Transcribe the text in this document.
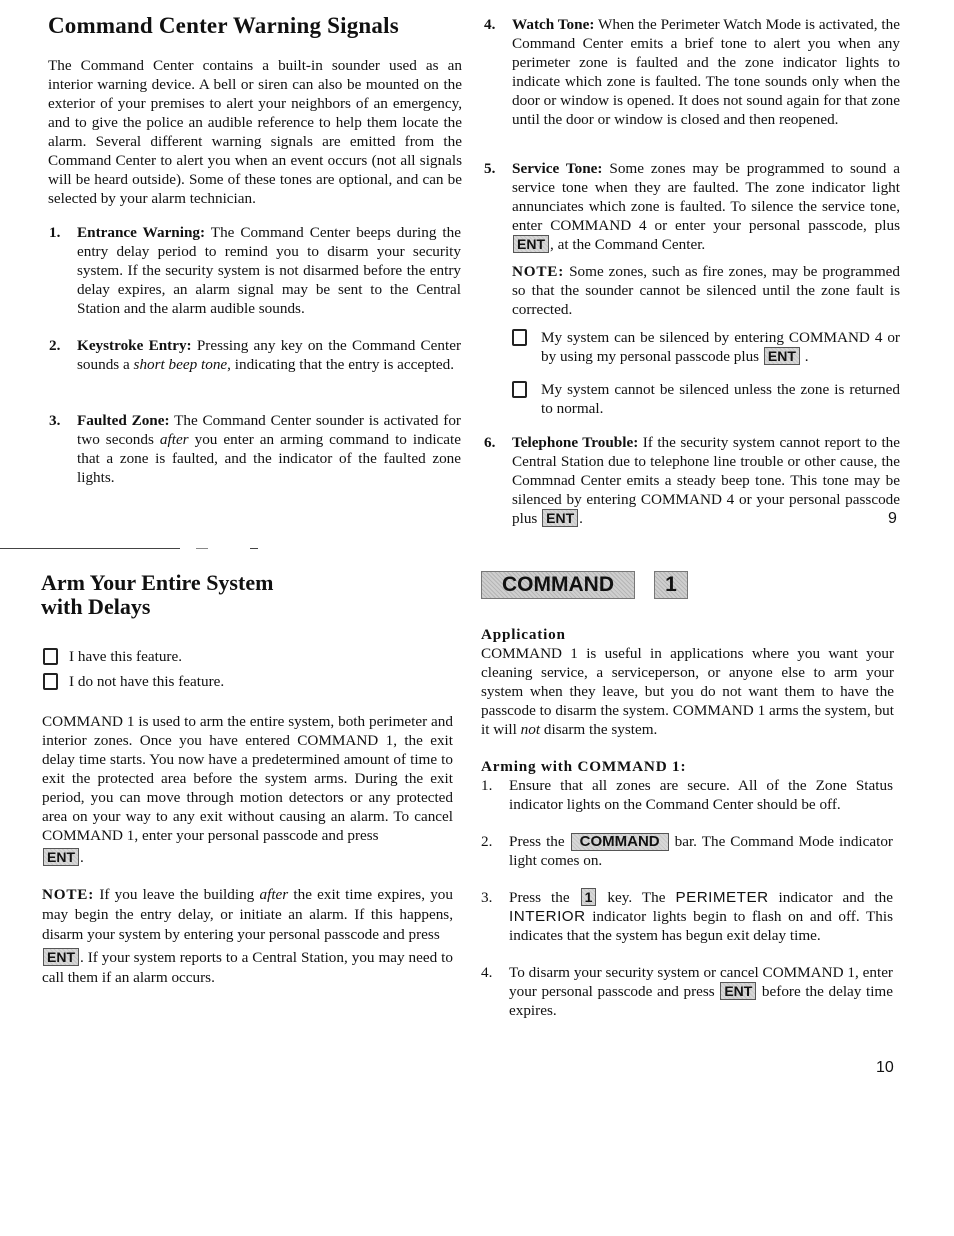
Command Center Warning Signals

The Command Center contains a built-in sounder used as an interior warning device. A bell or siren can also be mounted on the exterior of your premises to alert your neighbors of an emergency, and to give the police an audible reference to help them locate the alarm. Several different warning signals are emitted from the Command Center to alert you when an event occurs (not all signals will be heard outside). Some of these tones are optional, and can be selected by your alarm technician.

1. Entrance Warning: The Command Center beeps during the entry delay period to remind you to disarm your security system. If the security system is not disarmed before the entry delay expires, an alarm signal may be sent to the Central Station and the alarm audible sounds.
2. Keystroke Entry: Pressing any key on the Command Center sounds a short beep tone, indicating that the entry is accepted.
3. Faulted Zone: The Command Center sounder is activated for two seconds after you enter an arming command to indicate that a zone is faulted, and the indicator of the faulted zone lights.
4. Watch Tone: When the Perimeter Watch Mode is activated, the Command Center emits a brief tone to alert you when any perimeter zone is faulted and the zone indicator lights to indicate which zone is faulted. The tone sounds only when the door or window is opened. It does not sound again for that zone until the door or window is closed and then reopened.
5. Service Tone: Some zones may be programmed to sound a service tone when they are faulted. The zone indicator light annunciates which zone is faulted. To silence the service tone, enter COMMAND 4 or enter your personal passcode, plus ENT , at the Command Center.
NOTE: Some zones, such as fire zones, may be programmed so that the sounder cannot be silenced until the zone fault is corrected.
My system can be silenced by entering COMMAND 4 or by using my personal passcode plus ENT .
My system cannot be silenced unless the zone is returned to normal.
6. Telephone Trouble: If the security system cannot report to the Central Station due to telephone line trouble or other cause, the Commnad Center emits a steady beep tone. This tone may be silenced by entering COMMAND 4 or your personal passcode plus ENT .	9
Arm Your Entire System
with Delays
I have this feature.
I do not have this feature.
COMMAND 1 is used to arm the entire system, both perimeter and interior zones. Once you have entered COMMAND 1, the exit delay time starts. You now have a predetermined amount of time to exit the protected area before the system arms. During the exit period, you can move through motion detectors or any protected area on your way to any exit without causing an alarm. To cancel COMMAND 1, enter your personal passcode and press
ENT .
NOTE: If you leave the building after the exit time expires, you may begin the entry delay, or initiate an alarm. If this happens, disarm your system by entering your personal passcode and press
ENT . If your system reports to a Central Station, you may need to call them if an alarm occurs.
COMMAND	1
Application
COMMAND 1 is useful in applications where you want your cleaning service, a serviceperson, or anyone else to arm your system when they leave, but you do not want them to have the passcode to disarm the system. COMMAND 1 arms the system, but it will not disarm the system.
Arming with COMMAND 1:
1. Ensure that all zones are secure. All of the Zone Status indicator lights on the Command Center should be off.
2. Press the COMMAND bar. The Command Mode indicator light comes on.
3. Press the 1 key. The PERIMETER indicator and the INTERIOR indicator lights begin to flash on and off. This indicates that the system has begun exit delay time.
4. To disarm your security system or cancel COMMAND 1, enter your personal passcode and press ENT before the delay time expires.
10
